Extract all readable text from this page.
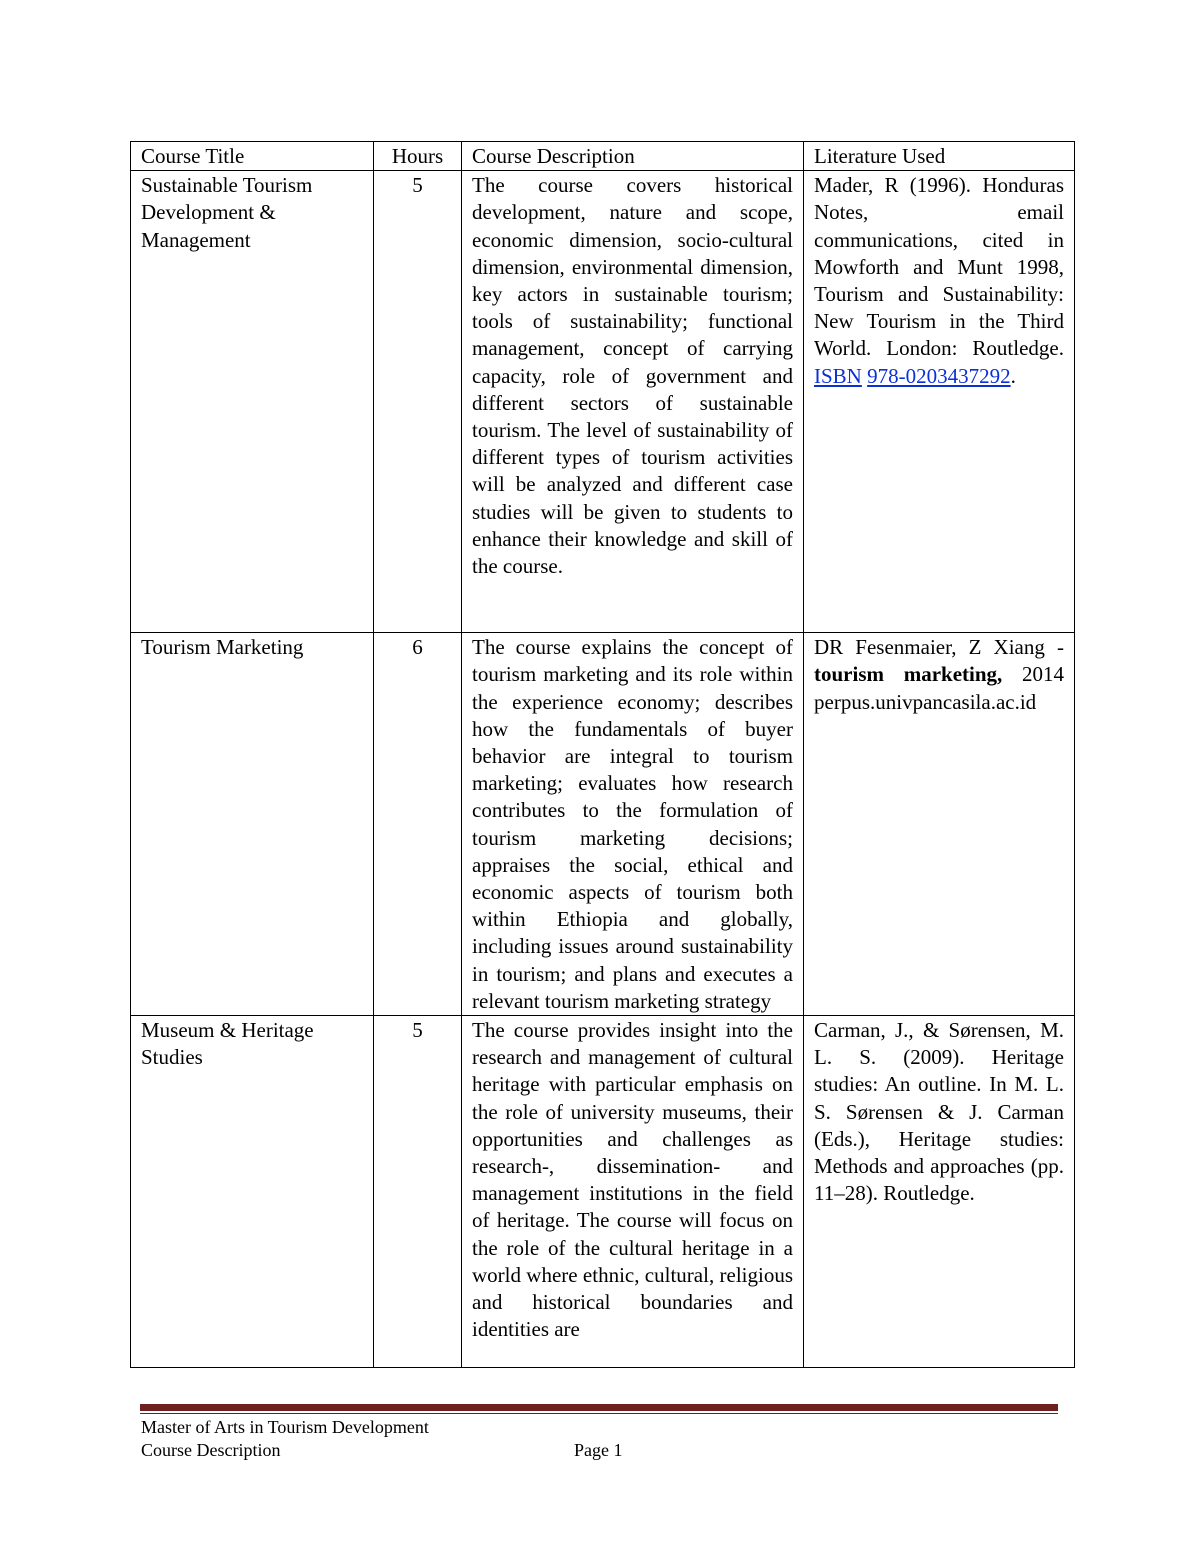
Course Title	Hours	Course Description	Literature Used
Sustainable Tourism Development & Management	5	The course covers historical development, nature and scope, economic dimension, socio-cultural dimension, environmental dimension, key actors in sustainable tourism; tools of sustainability; functional management, concept of carrying capacity, role of government and different sectors of sustainable tourism. The level of sustainability of different types of tourism activities will be analyzed and different case studies will be given to students to enhance their knowledge and skill of the course.	Mader, R (1996). Honduras Notes, email communications, cited in Mowforth and Munt 1998, Tourism and Sustainability: New Tourism in the Third World. London: Routledge. ISBN 978-0203437292.
Tourism Marketing	6	The course explains the concept of tourism marketing and its role within the experience economy; describes how the fundamentals of buyer behavior are integral to tourism marketing; evaluates how research contributes to the formulation of tourism marketing decisions; appraises the social, ethical and economic aspects of tourism both within Ethiopia and globally, including issues around sustainability in tourism; and plans and executes a relevant tourism marketing strategy	DR Fesenmaier, Z Xiang - tourism marketing, 2014 perpus.univpancasila.ac.id
Museum & Heritage Studies	5	The course provides insight into the research and management of cultural heritage with particular emphasis on the role of university museums, their opportunities and challenges as research-, dissemination- and management institutions in the field of heritage. The course will focus on the role of the cultural heritage in a world where ethnic, cultural, religious and historical boundaries and identities are	Carman, J., & Sørensen, M. L. S. (2009). Heritage studies: An outline. In M. L. S. Sørensen & J. Carman (Eds.), Heritage studies: Methods and approaches (pp. 11–28). Routledge.
Master of Arts in Tourism Development
Course Description	Page 1
